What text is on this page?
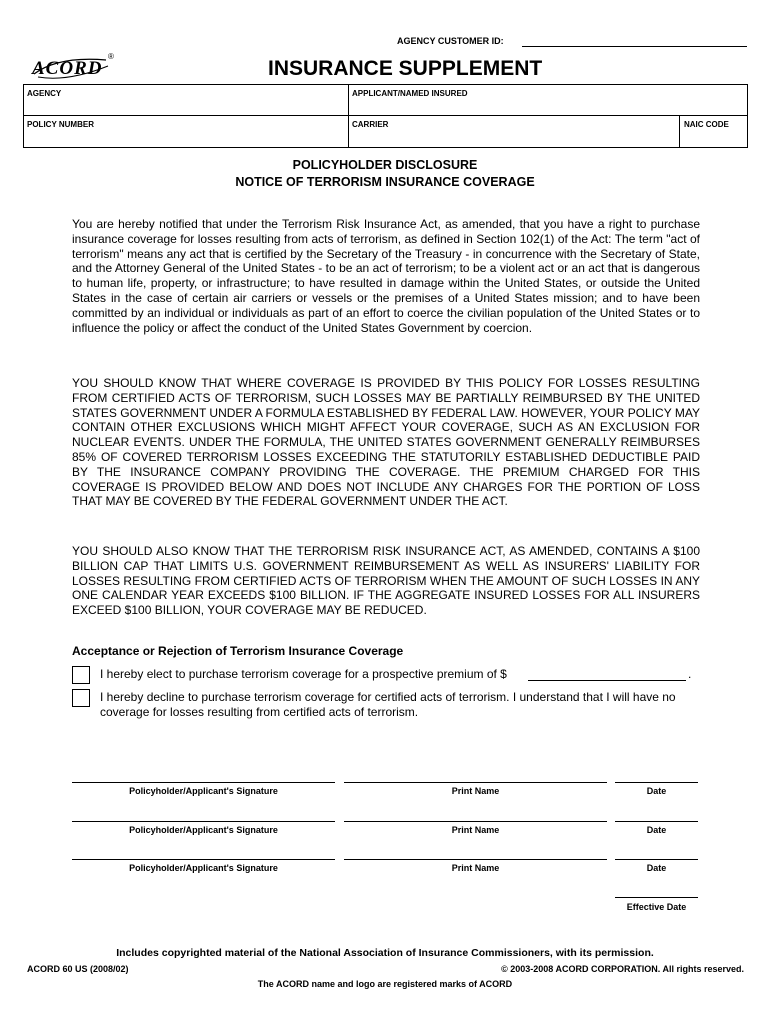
AGENCY CUSTOMER ID:
ACORD
®
INSURANCE SUPPLEMENT
AGENCY	APPLICANT/NAMED INSURED
POLICY NUMBER	CARRIER	NAIC CODE
POLICYHOLDER DISCLOSURE
NOTICE OF TERRORISM INSURANCE COVERAGE
You are hereby notified that under the Terrorism Risk Insurance Act, as amended, that you have a right to purchase insurance coverage for losses resulting from acts of terrorism, as defined in Section 102(1) of the Act: The term "act of terrorism" means any act that is certified by the Secretary of the Treasury - in concurrence with the Secretary of State, and the Attorney General of the United States - to be an act of terrorism; to be a violent act or an act that is dangerous to human life, property, or infrastructure; to have resulted in damage within the United States, or outside the United States in the case of certain air carriers or vessels or the premises of a United States mission; and to have been committed by an individual or individuals as part of an effort to coerce the civilian population of the United States or to influence the policy or affect the conduct of the United States Government by coercion.
YOU SHOULD KNOW THAT WHERE COVERAGE IS PROVIDED BY THIS POLICY FOR LOSSES RESULTING FROM CERTIFIED ACTS OF TERRORISM, SUCH LOSSES MAY BE PARTIALLY REIMBURSED BY THE UNITED STATES GOVERNMENT UNDER A FORMULA ESTABLISHED BY FEDERAL LAW. HOWEVER, YOUR POLICY MAY CONTAIN OTHER EXCLUSIONS WHICH MIGHT AFFECT YOUR COVERAGE, SUCH AS AN EXCLUSION FOR NUCLEAR EVENTS. UNDER THE FORMULA, THE UNITED STATES GOVERNMENT GENERALLY REIMBURSES 85% OF COVERED TERRORISM LOSSES EXCEEDING THE STATUTORILY ESTABLISHED DEDUCTIBLE PAID BY THE INSURANCE COMPANY PROVIDING THE COVERAGE. THE PREMIUM CHARGED FOR THIS COVERAGE IS PROVIDED BELOW AND DOES NOT INCLUDE ANY CHARGES FOR THE PORTION OF LOSS THAT MAY BE COVERED BY THE FEDERAL GOVERNMENT UNDER THE ACT.
YOU SHOULD ALSO KNOW THAT THE TERRORISM RISK INSURANCE ACT, AS AMENDED, CONTAINS A $100 BILLION CAP THAT LIMITS U.S. GOVERNMENT REIMBURSEMENT AS WELL AS INSURERS' LIABILITY FOR LOSSES RESULTING FROM CERTIFIED ACTS OF TERRORISM WHEN THE AMOUNT OF SUCH LOSSES IN ANY ONE CALENDAR YEAR EXCEEDS $100 BILLION. IF THE AGGREGATE INSURED LOSSES FOR ALL INSURERS EXCEED $100 BILLION, YOUR COVERAGE MAY BE REDUCED.
Acceptance or Rejection of Terrorism Insurance Coverage
I hereby elect to purchase terrorism coverage for a prospective premium of $	.
I hereby decline to purchase terrorism coverage for certified acts of terrorism. I understand that I will have no coverage for losses resulting from certified acts of terrorism.
Policyholder/Applicant's Signature	Print Name	Date
Policyholder/Applicant's Signature	Print Name	Date
Policyholder/Applicant's Signature	Print Name	Date
Effective Date
Includes copyrighted material of the National Association of Insurance Commissioners, with its permission.
ACORD 60 US (2008/02)	© 2003-2008 ACORD CORPORATION. All rights reserved.
The ACORD name and logo are registered marks of ACORD
